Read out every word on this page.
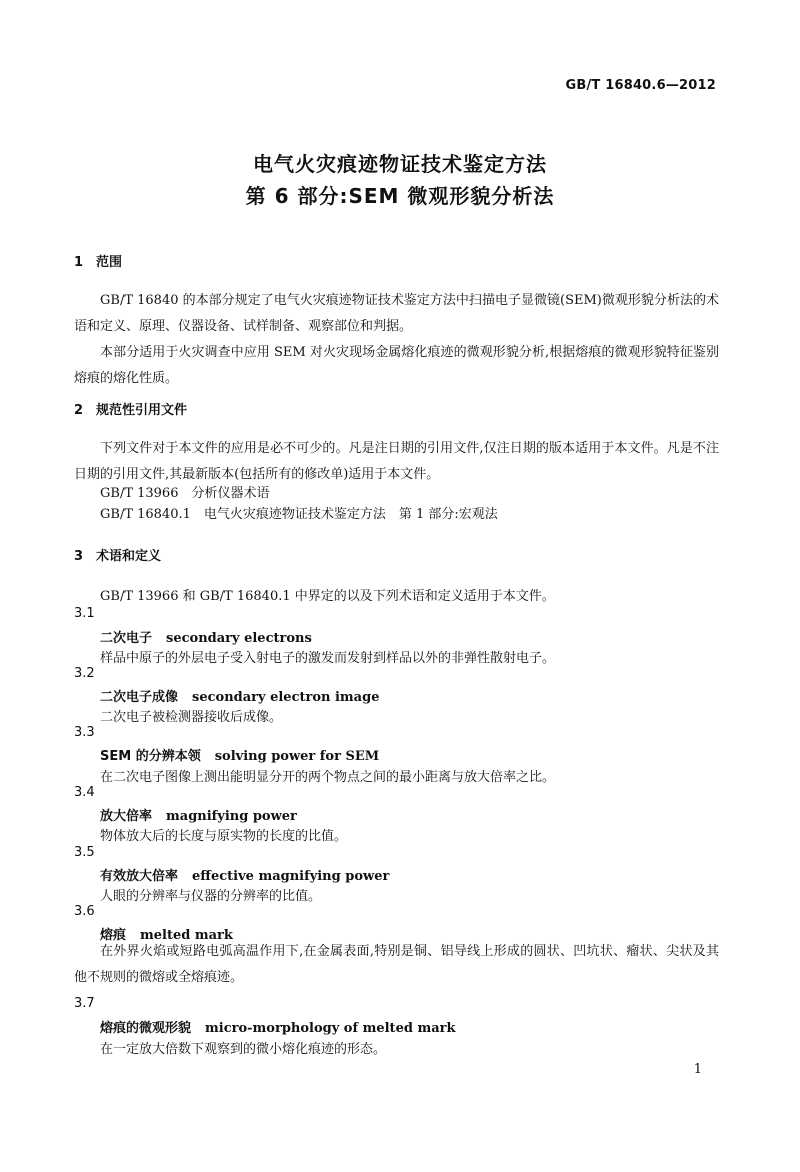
GB/T 16840.6—2012
电气火灾痕迹物证技术鉴定方法
第 6 部分:SEM 微观形貌分析法
1 范围

GB/T 16840 的本部分规定了电气火灾痕迹物证技术鉴定方法中扫描电子显微镜(SEM)微观形貌分析法的术语和定义、原理、仪器设备、试样制备、观察部位和判据。

本部分适用于火灾调查中应用 SEM 对火灾现场金属熔化痕迹的微观形貌分析,根据熔痕的微观形貌特征鉴别熔痕的熔化性质。

2 规范性引用文件

下列文件对于本文件的应用是必不可少的。凡是注日期的引用文件,仅注日期的版本适用于本文件。凡是不注日期的引用文件,其最新版本(包括所有的修改单)适用于本文件。

GB/T 13966　分析仪器术语
GB/T 16840.1　电气火灾痕迹物证技术鉴定方法　第 1 部分:宏观法
3 术语和定义
GB/T 13966 和 GB/T 16840.1 中界定的以及下列术语和定义适用于本文件。
3.1
二次电子 secondary electrons
样品中原子的外层电子受入射电子的激发而发射到样品以外的非弹性散射电子。
3.2
二次电子成像 secondary electron image
二次电子被检测器接收后成像。
3.3
SEM 的分辨本领 solving power for SEM
在二次电子图像上测出能明显分开的两个物点之间的最小距离与放大倍率之比。
3.4
放大倍率 magnifying power
物体放大后的长度与原实物的长度的比值。
3.5
有效放大倍率 effective magnifying power
人眼的分辨率与仪器的分辨率的比值。
3.6
熔痕 melted mark

在外界火焰或短路电弧高温作用下,在金属表面,特别是铜、铝导线上形成的圆状、凹坑状、瘤状、尖状及其他不规则的微熔或全熔痕迹。

3.7
熔痕的微观形貌 micro-morphology of melted mark
在一定放大倍数下观察到的微小熔化痕迹的形态。
1
